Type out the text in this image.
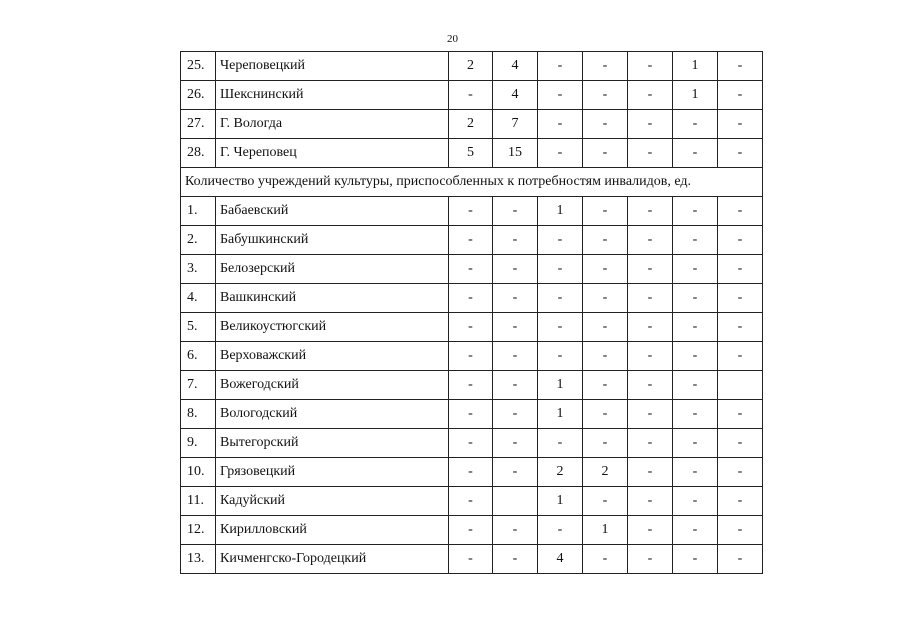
20
25.	Череповецкий	2	4	-	-	-	1	-
26.	Шекснинский	-	4	-	-	-	1	-
27.	Г. Вологда	2	7	-	-	-	-	-
28.	Г. Череповец	5	15	-	-	-	-	-
Количество учреждений культуры, приспособленных к потребностям инвалидов, ед.								
1.	Бабаевский	-	-	1	-	-	-	-
2.	Бабушкинский	-	-	-	-	-	-	-
3.	Белозерский	-	-	-	-	-	-	-
4.	Вашкинский	-	-	-	-	-	-	-
5.	Великоустюгский	-	-	-	-	-	-	-
6.	Верховажский	-	-	-	-	-	-	-
7.	Вожегодский	-	-	1	-	-	-	
8.	Вологодский	-	-	1	-	-	-	-
9.	Вытегорский	-	-	-	-	-	-	-
10.	Грязовецкий	-	-	2	2	-	-	-
11.	Кадуйский	-		1	-	-	-	-
12.	Кирилловский	-	-	-	1	-	-	-
13.	Кичменгско-Городецкий	-	-	4	-	-	-	-
